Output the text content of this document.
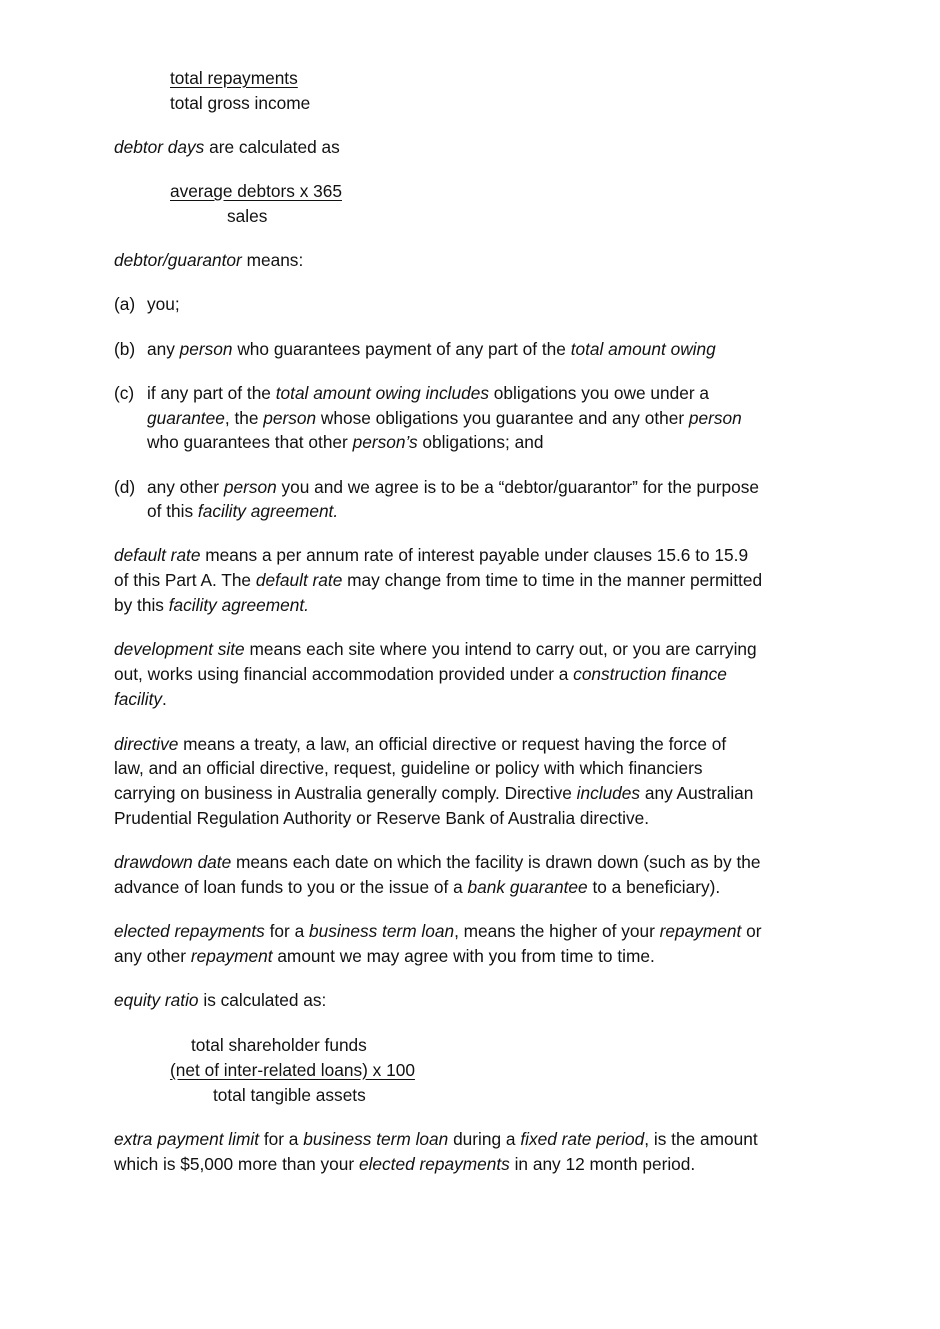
total repayments
total gross income
debtor days are calculated as
average debtors x 365
sales
debtor/guarantor means:
(a) you;
(b) any person who guarantees payment of any part of the total amount owing
(c) if any part of the total amount owing includes obligations you owe under a
guarantee, the person whose obligations you guarantee and any other person
who guarantees that other person’s obligations; and
(d) any other person you and we agree is to be a “debtor/guarantor” for the purpose
of this facility agreement.
default rate means a per annum rate of interest payable under clauses 15.6 to 15.9
of this Part A. The default rate may change from time to time in the manner permitted
by this facility agreement.
development site means each site where you intend to carry out, or you are carrying
out, works using financial accommodation provided under a construction finance
facility.
directive means a treaty, a law, an official directive or request having the force of
law, and an official directive, request, guideline or policy with which financiers
carrying on business in Australia generally comply. Directive includes any Australian
Prudential Regulation Authority or Reserve Bank of Australia directive.
drawdown date means each date on which the facility is drawn down (such as by the
advance of loan funds to you or the issue of a bank guarantee to a beneficiary).
elected repayments for a business term loan, means the higher of your repayment or
any other repayment amount we may agree with you from time to time.
equity ratio is calculated as:
total shareholder funds
(net of inter-related loans) x 100
total tangible assets
extra payment limit for a business term loan during a fixed rate period, is the amount
which is $5,000 more than your elected repayments in any 12 month period.
